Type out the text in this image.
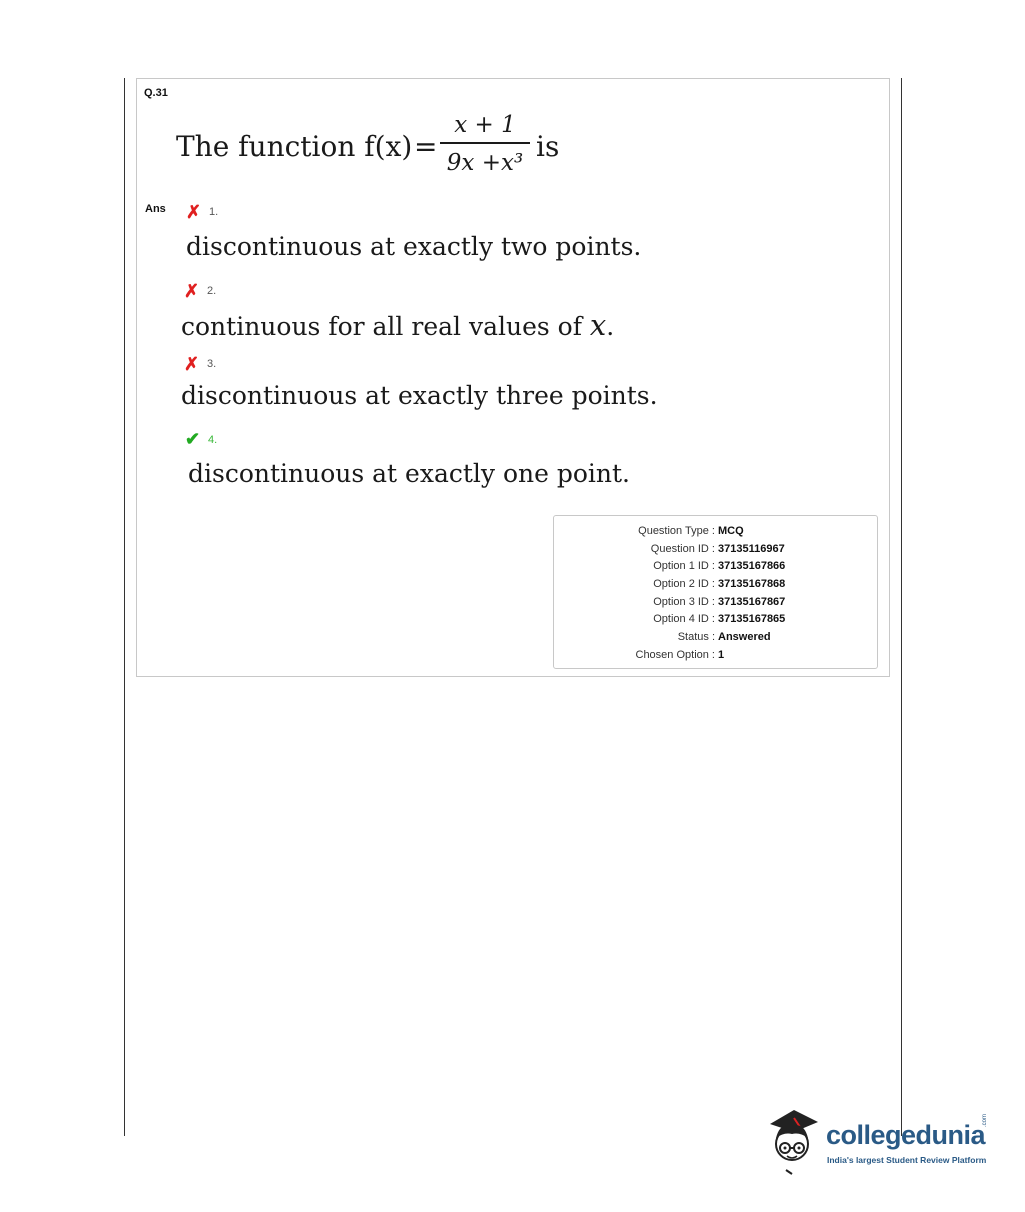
Q.31
The function f(x) =
x + 1
9x +x³ is
Ans ✗ 1.
discontinuous at exactly two points.
✗ 2.
continuous for all real values of x.
✗ 3.
discontinuous at exactly three points.
✔ 4.
discontinuous at exactly one point.
Question Type : MCQ
Question ID : 37135116967
Option 1 ID : 37135167866
Option 2 ID : 37135167868
Option 3 ID : 37135167867
Option 4 ID : 37135167865
Status : Answered
Chosen Option : 1
collegedunia
.com
India's largest Student Review Platform
